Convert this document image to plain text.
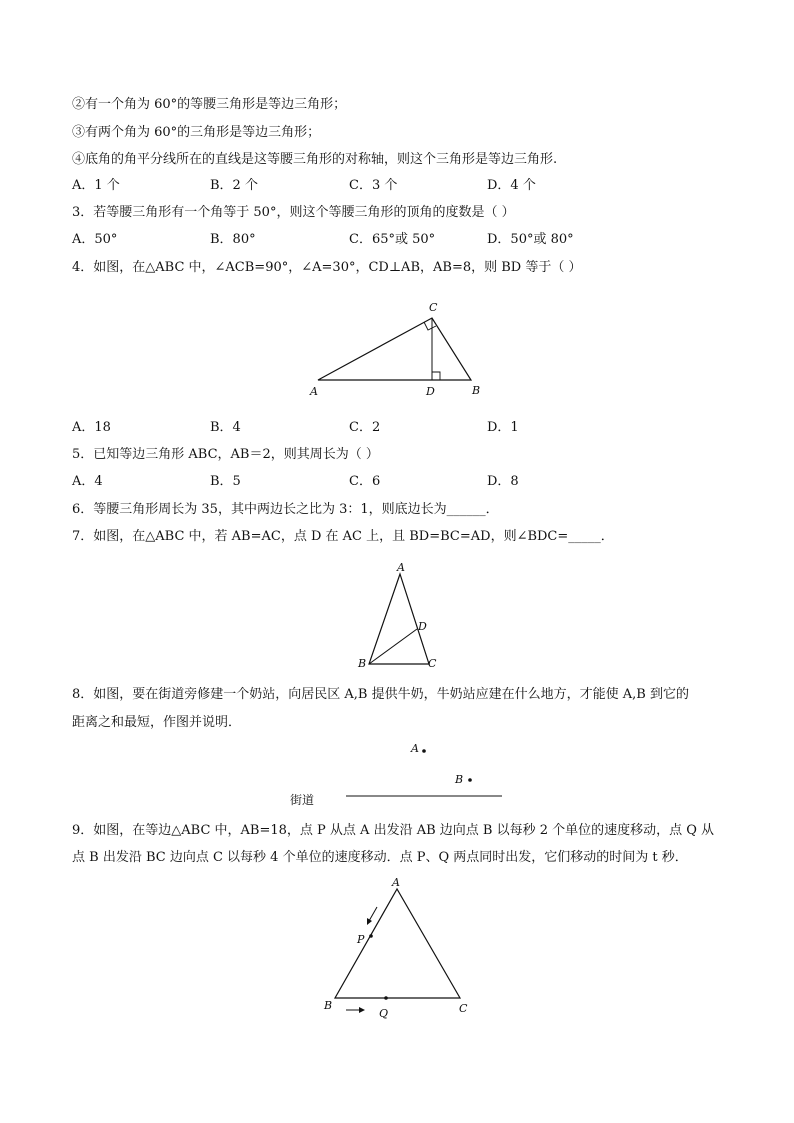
②有一个角为 60°的等腰三角形是等边三角形；
③有两个角为 60°的三角形是等边三角形；
④底角的角平分线所在的直线是这等腰三角形的对称轴，则这个三角形是等边三角形.
A．1 个	B．2 个	C．3 个	D．4 个
3．若等腰三角形有一个角等于 50°，则这个等腰三角形的顶角的度数是（ ）
A．50°	B．80°	C．65°或 50°	D．50°或 80°
4．如图，在△ABC 中，∠ACB=90°，∠A=30°，CD⊥AB，AB=8，则 BD 等于（ ）
A	B
C
D
A．18	B．4	C．2	D．1
5．已知等边三角形 ABC，AB＝2，则其周长为（ ）
A．4	B．5	C．6	D．8
6．等腰三角形周长为 35，其中两边长之比为 3：1，则底边长为______．
7．如图，在△ABC 中，若 AB=AC，点 D 在 AC 上，且 BD=BC=AD，则∠BDC=_____．
A
B	C
D
8．如图，要在街道旁修建一个奶站，向居民区 A,B 提供牛奶，牛奶站应建在什么地方，才能使 A,B 到它的
距离之和最短，作图并说明．
A
B
街道
9．如图，在等边△ABC 中，AB=18，点 P 从点 A 出发沿 AB 边向点 B 以每秒 2 个单位的速度移动，点 Q 从
点 B 出发沿 BC 边向点 C 以每秒 4 个单位的速度移动．点 P、Q 两点同时出发，它们移动的时间为 t 秒．
A
B	C
P
Q
